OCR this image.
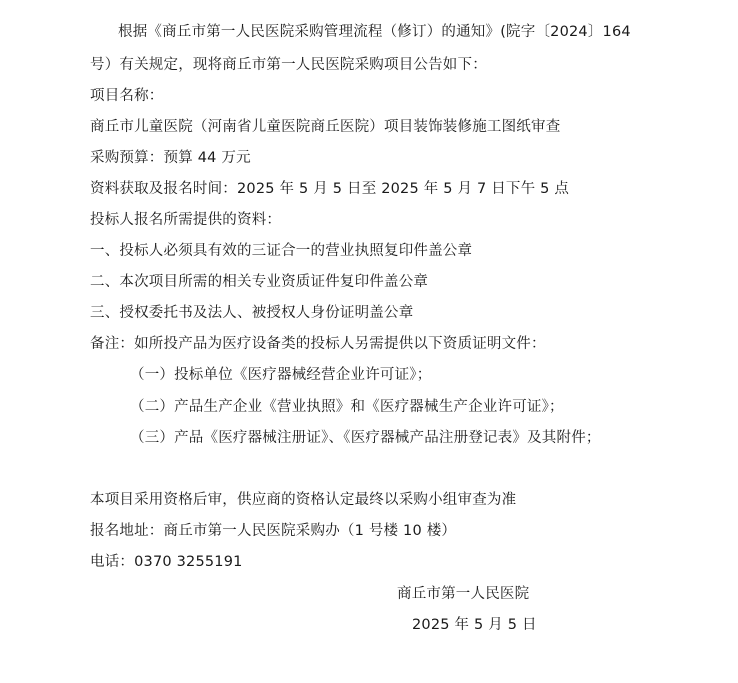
根据《商丘市第一人民医院采购管理流程（修订）的通知》(院字〔2024〕164
号）有关规定，现将商丘市第一人民医院采购项目公告如下：
项目名称：
商丘市儿童医院（河南省儿童医院商丘医院）项目装饰装修施工图纸审查
采购预算：预算 44 万元
资料获取及报名时间：2025 年 5 月 5 日至 2025 年 5 月 7 日下午 5 点
投标人报名所需提供的资料：
一、投标人必须具有效的三证合一的营业执照复印件盖公章
二、本次项目所需的相关专业资质证件复印件盖公章
三、授权委托书及法人、被授权人身份证明盖公章
备注：如所投产品为医疗设备类的投标人另需提供以下资质证明文件：
（一）投标单位《医疗器械经营企业许可证》；
（二）产品生产企业《营业执照》和《医疗器械生产企业许可证》；
（三）产品《医疗器械注册证》、《医疗器械产品注册登记表》及其附件；
本项目采用资格后审，供应商的资格认定最终以采购小组审查为准
报名地址：商丘市第一人民医院采购办（1 号楼 10 楼）
电话：0370 3255191
商丘市第一人民医院
2025 年 5 月 5 日
